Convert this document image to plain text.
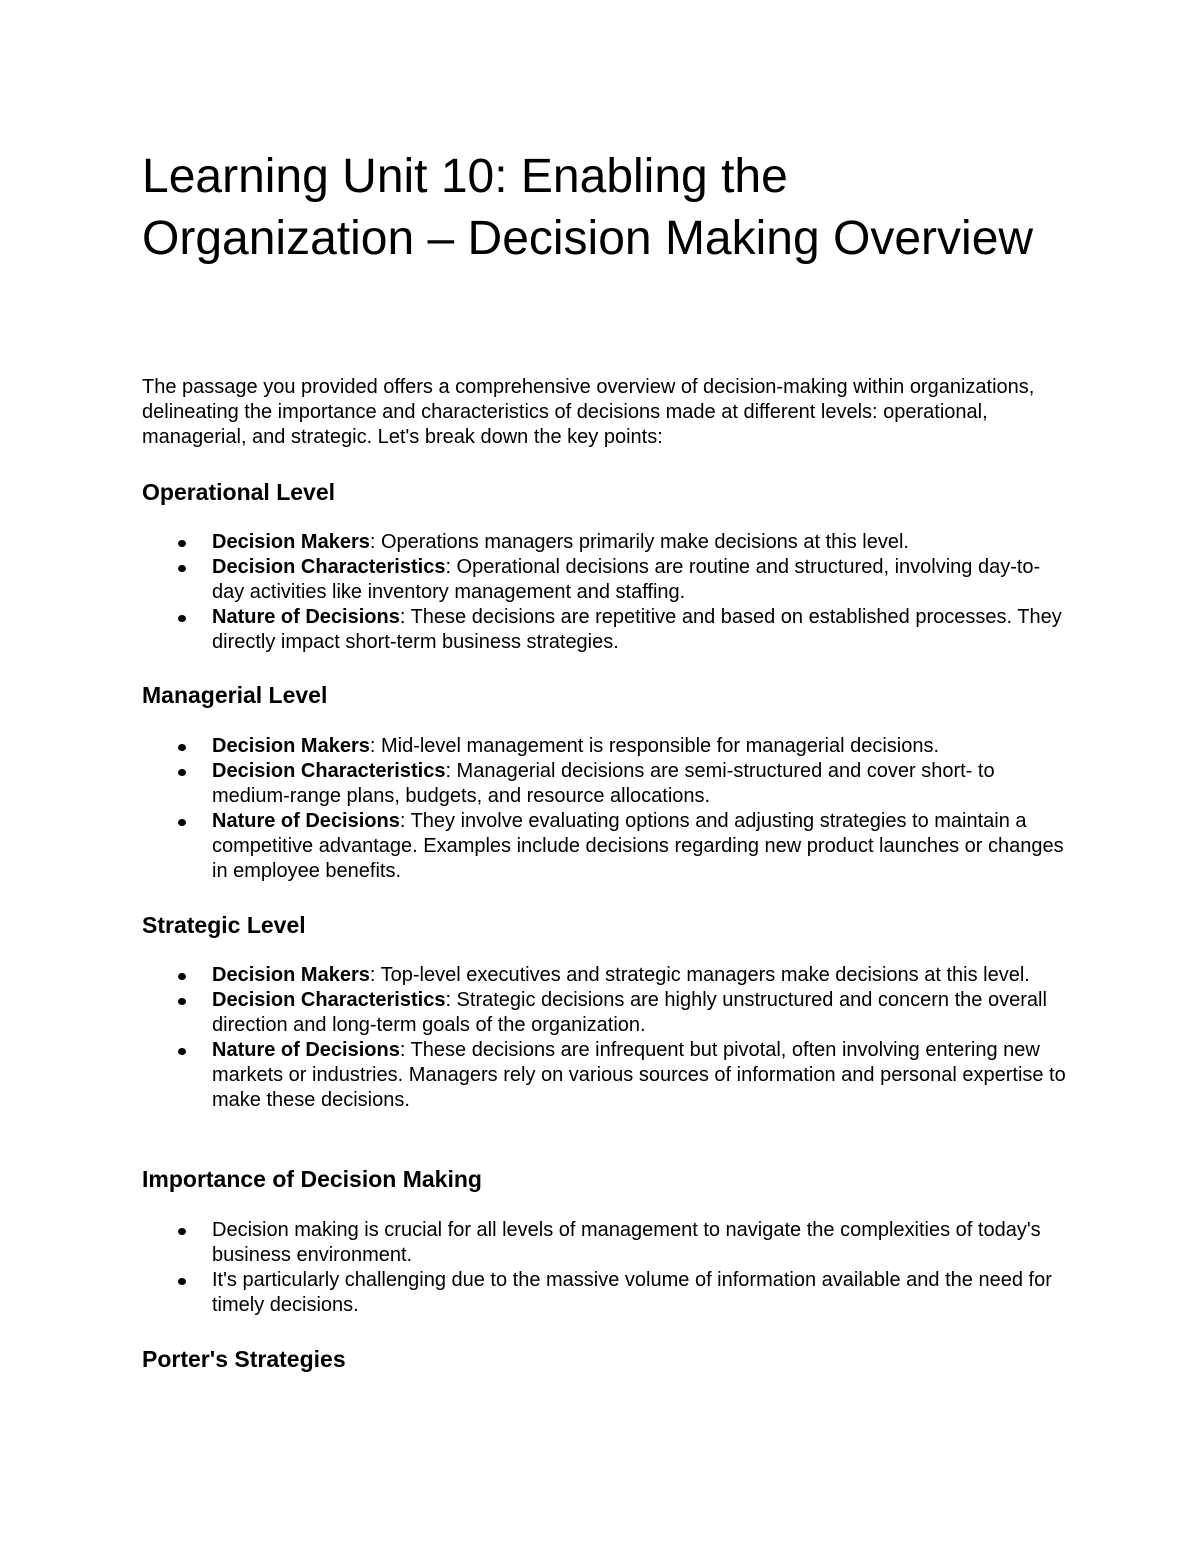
Learning Unit 10: Enabling the Organization – Decision Making Overview

The passage you provided offers a comprehensive overview of decision-making within organizations, delineating the importance and characteristics of decisions made at different levels: operational, managerial, and strategic. Let's break down the key points:

Operational Level
Decision Makers: Operations managers primarily make decisions at this level.
Decision Characteristics: Operational decisions are routine and structured, involving day-to-day activities like inventory management and staffing.
Nature of Decisions: These decisions are repetitive and based on established processes. They directly impact short-term business strategies.
Managerial Level
Decision Makers: Mid-level management is responsible for managerial decisions.
Decision Characteristics: Managerial decisions are semi-structured and cover short- to medium-range plans, budgets, and resource allocations.
Nature of Decisions: They involve evaluating options and adjusting strategies to maintain a competitive advantage. Examples include decisions regarding new product launches or changes in employee benefits.
Strategic Level
Decision Makers: Top-level executives and strategic managers make decisions at this level.
Decision Characteristics: Strategic decisions are highly unstructured and concern the overall direction and long-term goals of the organization.
Nature of Decisions: These decisions are infrequent but pivotal, often involving entering new markets or industries. Managers rely on various sources of information and personal expertise to make these decisions.
Importance of Decision Making
Decision making is crucial for all levels of management to navigate the complexities of today's business environment.
It's particularly challenging due to the massive volume of information available and the need for timely decisions.
Porter's Strategies
